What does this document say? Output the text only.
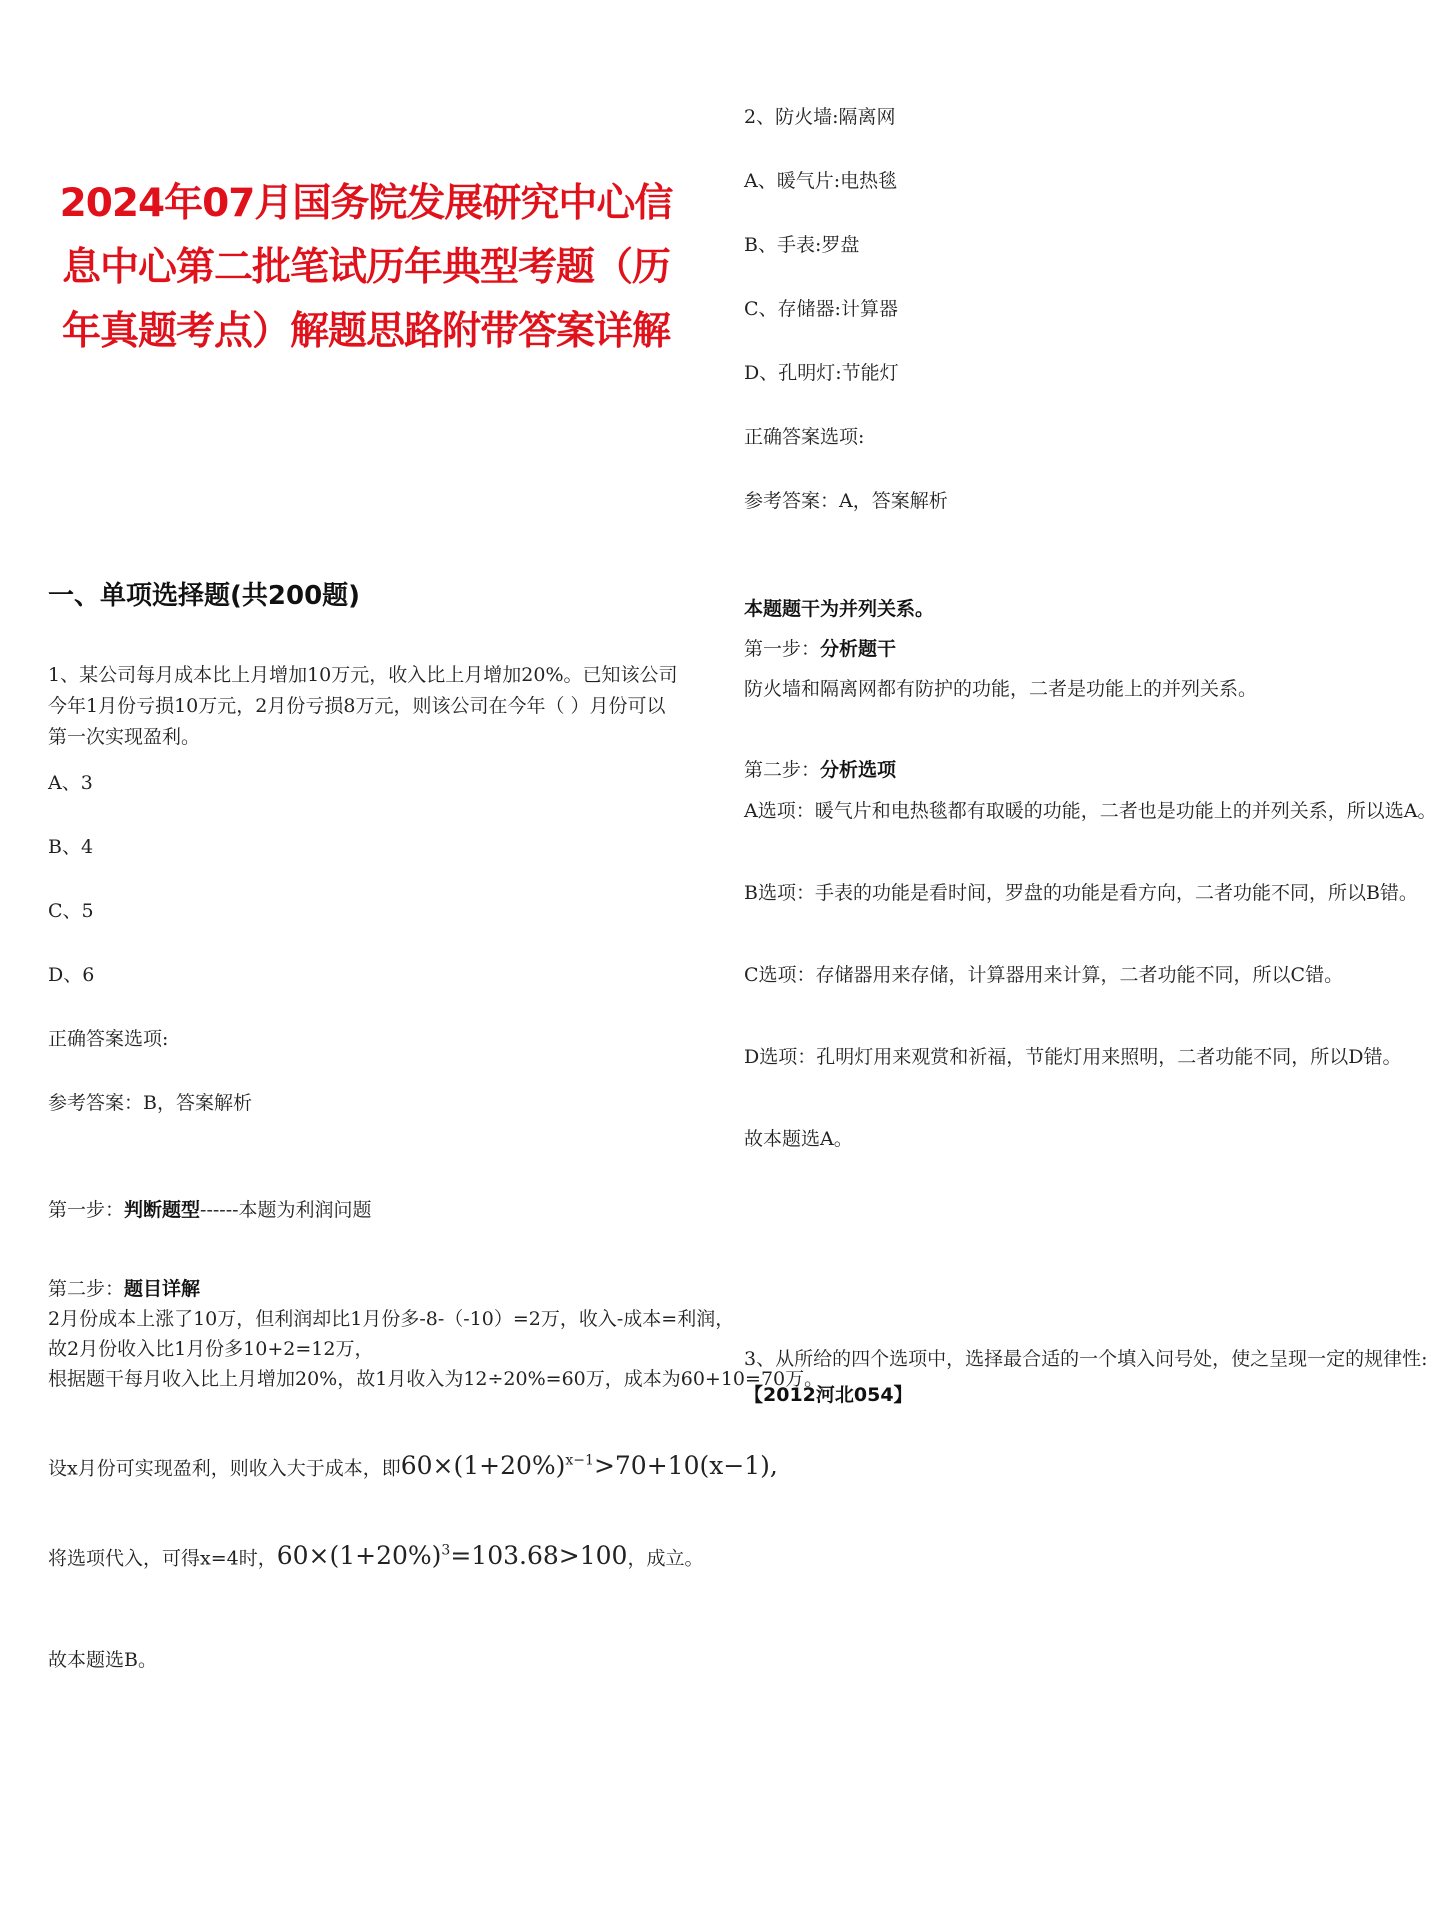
2024年07月国务院发展研究中心信息中心第二批笔试历年典型考题（历年真题考点）解题思路附带答案详解
一、单项选择题(共200题)
1、某公司每月成本比上月增加10万元，收入比上月增加20%。已知该公司今年1月份亏损10万元，2月份亏损8万元，则该公司在今年（ ）月份可以第一次实现盈利。
A、3
B、4
C、5
D、6
正确答案选项:
参考答案：B，答案解析
第一步：判断题型------本题为利润问题
第二步：题目详解
2月份成本上涨了10万，但利润却比1月份多-8-（-10）=2万，收入-成本=利润，
故2月份收入比1月份多10+2=12万，
根据题干每月收入比上月增加20%，故1月收入为12÷20%=60万，成本为60+10=70万。
设x月份可实现盈利，则收入大于成本，即$60\times(1+20\%)^{x-1}>70+10(x-1)$,
将选项代入，可得x=4时，$60\times(1+20\%)^3=103.68>100$，成立。
故本题选B。
2、防火墙:隔离网
A、暖气片:电热毯
B、手表:罗盘
C、存储器:计算器
D、孔明灯:节能灯
正确答案选项:
参考答案：A，答案解析
本题题干为并列关系。
第一步：分析题干
防火墙和隔离网都有防护的功能，二者是功能上的并列关系。
第二步：分析选项
A选项：暖气片和电热毯都有取暖的功能，二者也是功能上的并列关系，所以选A。
B选项：手表的功能是看时间，罗盘的功能是看方向，二者功能不同，所以B错。
C选项：存储器用来存储，计算器用来计算，二者功能不同，所以C错。
D选项：孔明灯用来观赏和祈福，节能灯用来照明，二者功能不同，所以D错。
故本题选A。
3、从所给的四个选项中，选择最合适的一个填入问号处，使之呈现一定的规律性:
【2012河北054】
